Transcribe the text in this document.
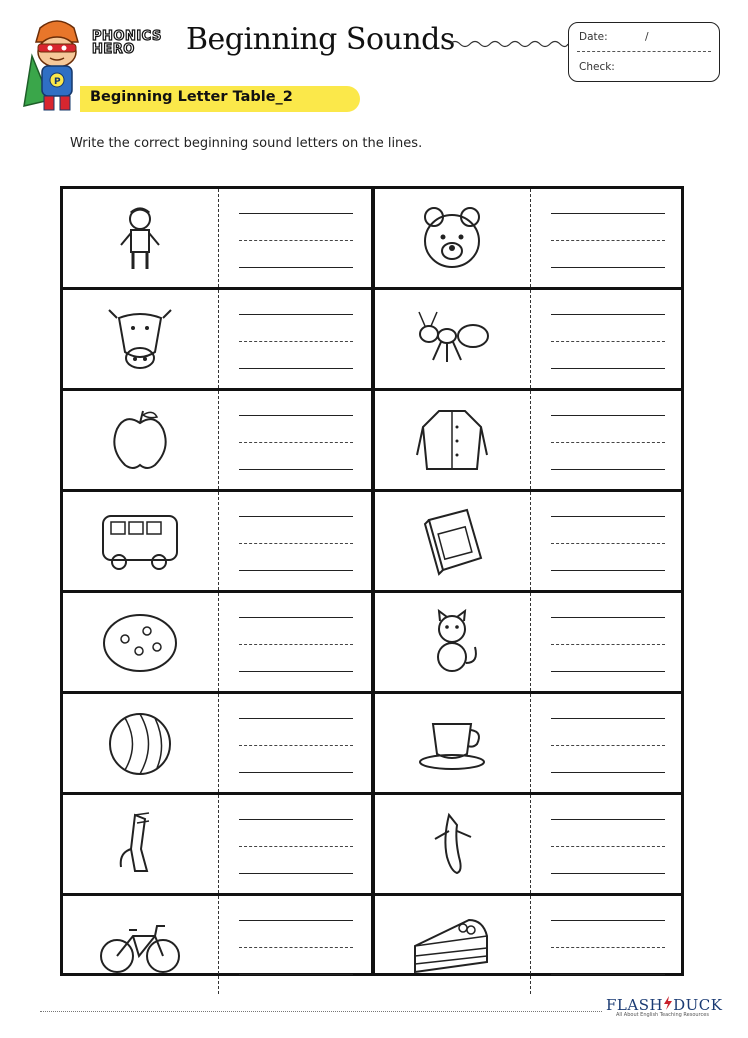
P
PHONICS
HERO	Beginning Sounds
Beginning Letter Table_2
Date:	/
Check:
Write the correct beginning sound letters on the lines.
FLASH DUCK
All About English Teaching Resources
